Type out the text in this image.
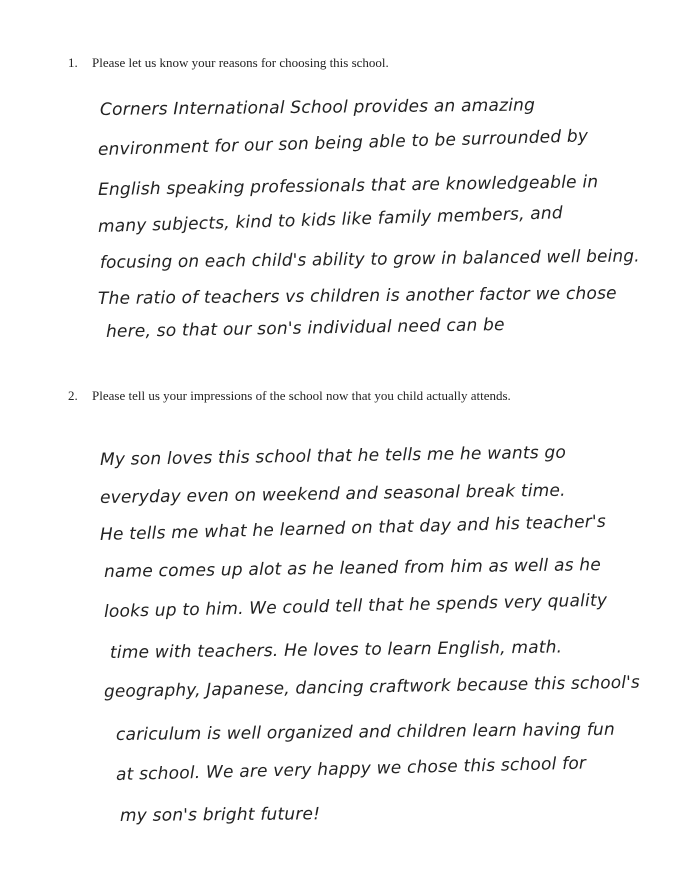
1. Please let us know your reasons for choosing this school.
Corners International School provides an amazing
environment for our son being able to be surrounded by
English speaking professionals that are knowledgeable in
many subjects, kind to kids like family members, and
focusing on each child's ability to grow in balanced well being.
The ratio of teachers vs children is another factor we chose
here, so that our son's individual need can be
2. Please tell us your impressions of the school now that you child actually attends.
My son loves this school that he tells me he wants go
everyday even on weekend and seasonal break time.
He tells me what he learned on that day and his teacher's
name comes up alot as he leaned from him as well as he
looks up to him. We could tell that he spends very quality
time with teachers. He loves to learn English, math.
geography, Japanese, dancing craftwork because this school's
cariculum is well organized and children learn having fun
at school. We are very happy we chose this school for
my son's bright future!
